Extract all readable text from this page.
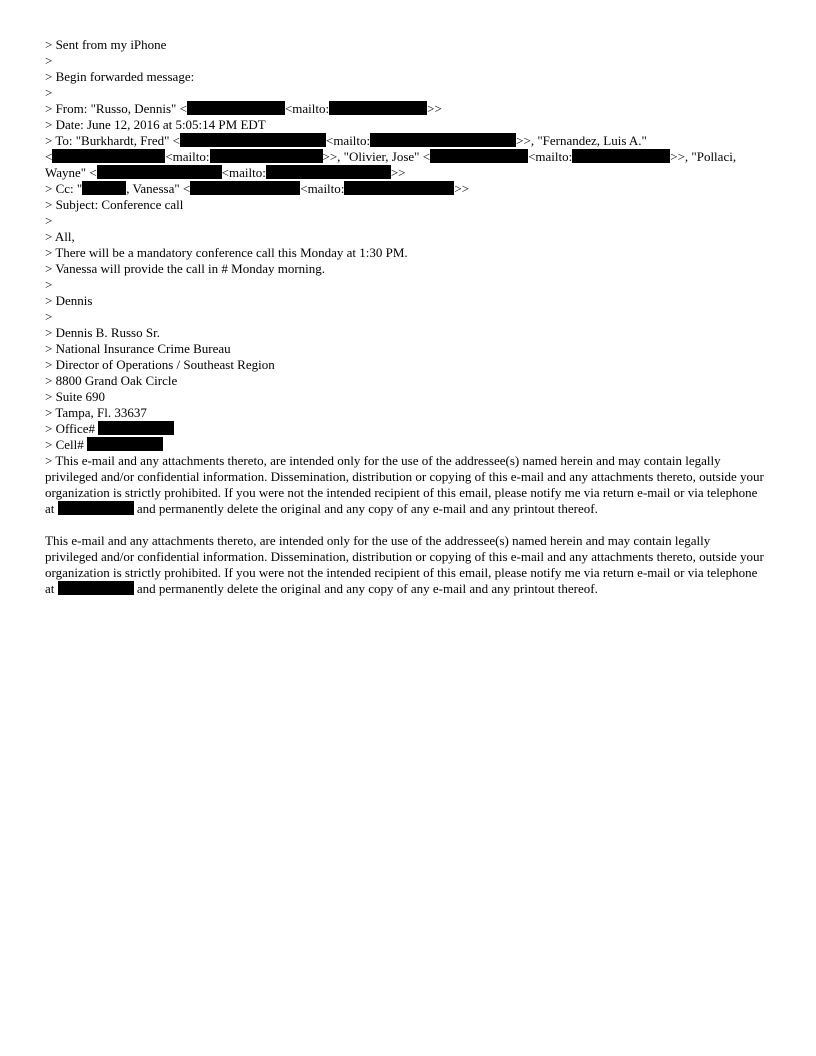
> Sent from my iPhone
>
> Begin forwarded message:
>
> From: "Russo, Dennis" <	<mailto:	>>
> Date: June 12, 2016 at 5:05:14 PM EDT
> To: "Burkhardt, Fred" <	<mailto:	>>, "Fernandez, Luis A."
<	<mailto:	>>, "Olivier, Jose" <	<mailto:	>>, "Pollaci,
Wayne" <	<mailto:	>>
> Cc: "	, Vanessa" <	<mailto:	>>
> Subject: Conference call
>
> All,
> There will be a mandatory conference call this Monday at 1:30 PM.
> Vanessa will provide the call in # Monday morning.
>
> Dennis
>
> Dennis B. Russo Sr.
> National Insurance Crime Bureau
> Director of Operations / Southeast Region
> 8800 Grand Oak Circle
> Suite 690
> Tampa, Fl. 33637
> Office#
> Cell#
> This e-mail and any attachments thereto, are intended only for the use of the addressee(s) named herein and may contain legally privileged and/or confidential information. Dissemination, distribution or copying of this e-mail and any attachments thereto, outside your organization is strictly prohibited. If you were not the intended recipient of this email, please notify me via return e-mail or via telephone at	and permanently delete the original and any copy of any e-mail and any printout thereof.
This e-mail and any attachments thereto, are intended only for the use of the addressee(s) named herein and may contain legally privileged and/or confidential information. Dissemination, distribution or copying of this e-mail and any attachments thereto, outside your organization is strictly prohibited. If you were not the intended recipient of this email, please notify me via return e-mail or via telephone at	and permanently delete the original and any copy of any e-mail and any printout thereof.
